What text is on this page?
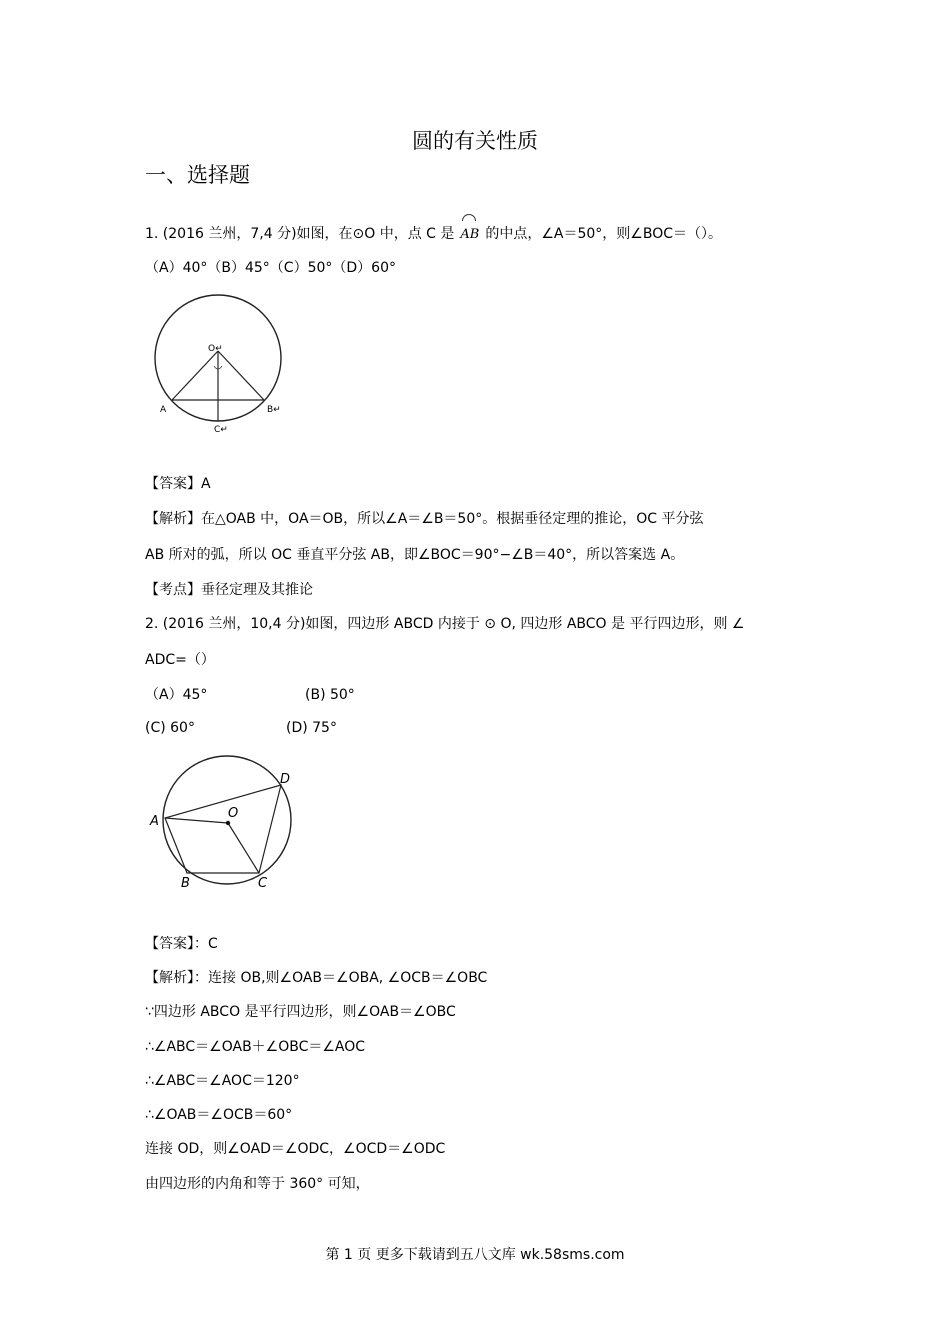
圆的有关性质
一、选择题
1. (2016 兰州，7,4 分)如图，在⊙O 中，点 C 是 AB 的中点，∠A＝50°，则∠BOC＝（）。
（A）40°（B）45°（C）50°（D）60°
O↵
A	B↵
C↵
【答案】A
【解析】在△OAB 中，OA＝OB，所以∠A＝∠B＝50°。根据垂径定理的推论，OC 平分弦
AB 所对的弧，所以 OC 垂直平分弦 AB，即∠BOC＝90°−∠B＝40°，所以答案选 A。
【考点】垂径定理及其推论
2. (2016 兰州，10,4 分)如图，四边形 ABCD 内接于 ⊙ O, 四边形 ABCO 是 平行四边形，则 ∠
ADC=（）
（A）45°	(B) 50°
(C) 60°	(D) 75°
A
B	C
D
O
【答案】：C
【解析】：连接 OB,则∠OAB＝∠OBA, ∠OCB＝∠OBC
∵四边形 ABCO 是平行四边形，则∠OAB＝∠OBC
∴∠ABC＝∠OAB＋∠OBC＝∠AOC
∴∠ABC＝∠AOC＝120°
∴∠OAB＝∠OCB＝60°
连接 OD，则∠OAD＝∠ODC，∠OCD＝∠ODC
由四边形的内角和等于 360° 可知，
第 1 页 更多下载请到五八文库 wk.58sms.com
